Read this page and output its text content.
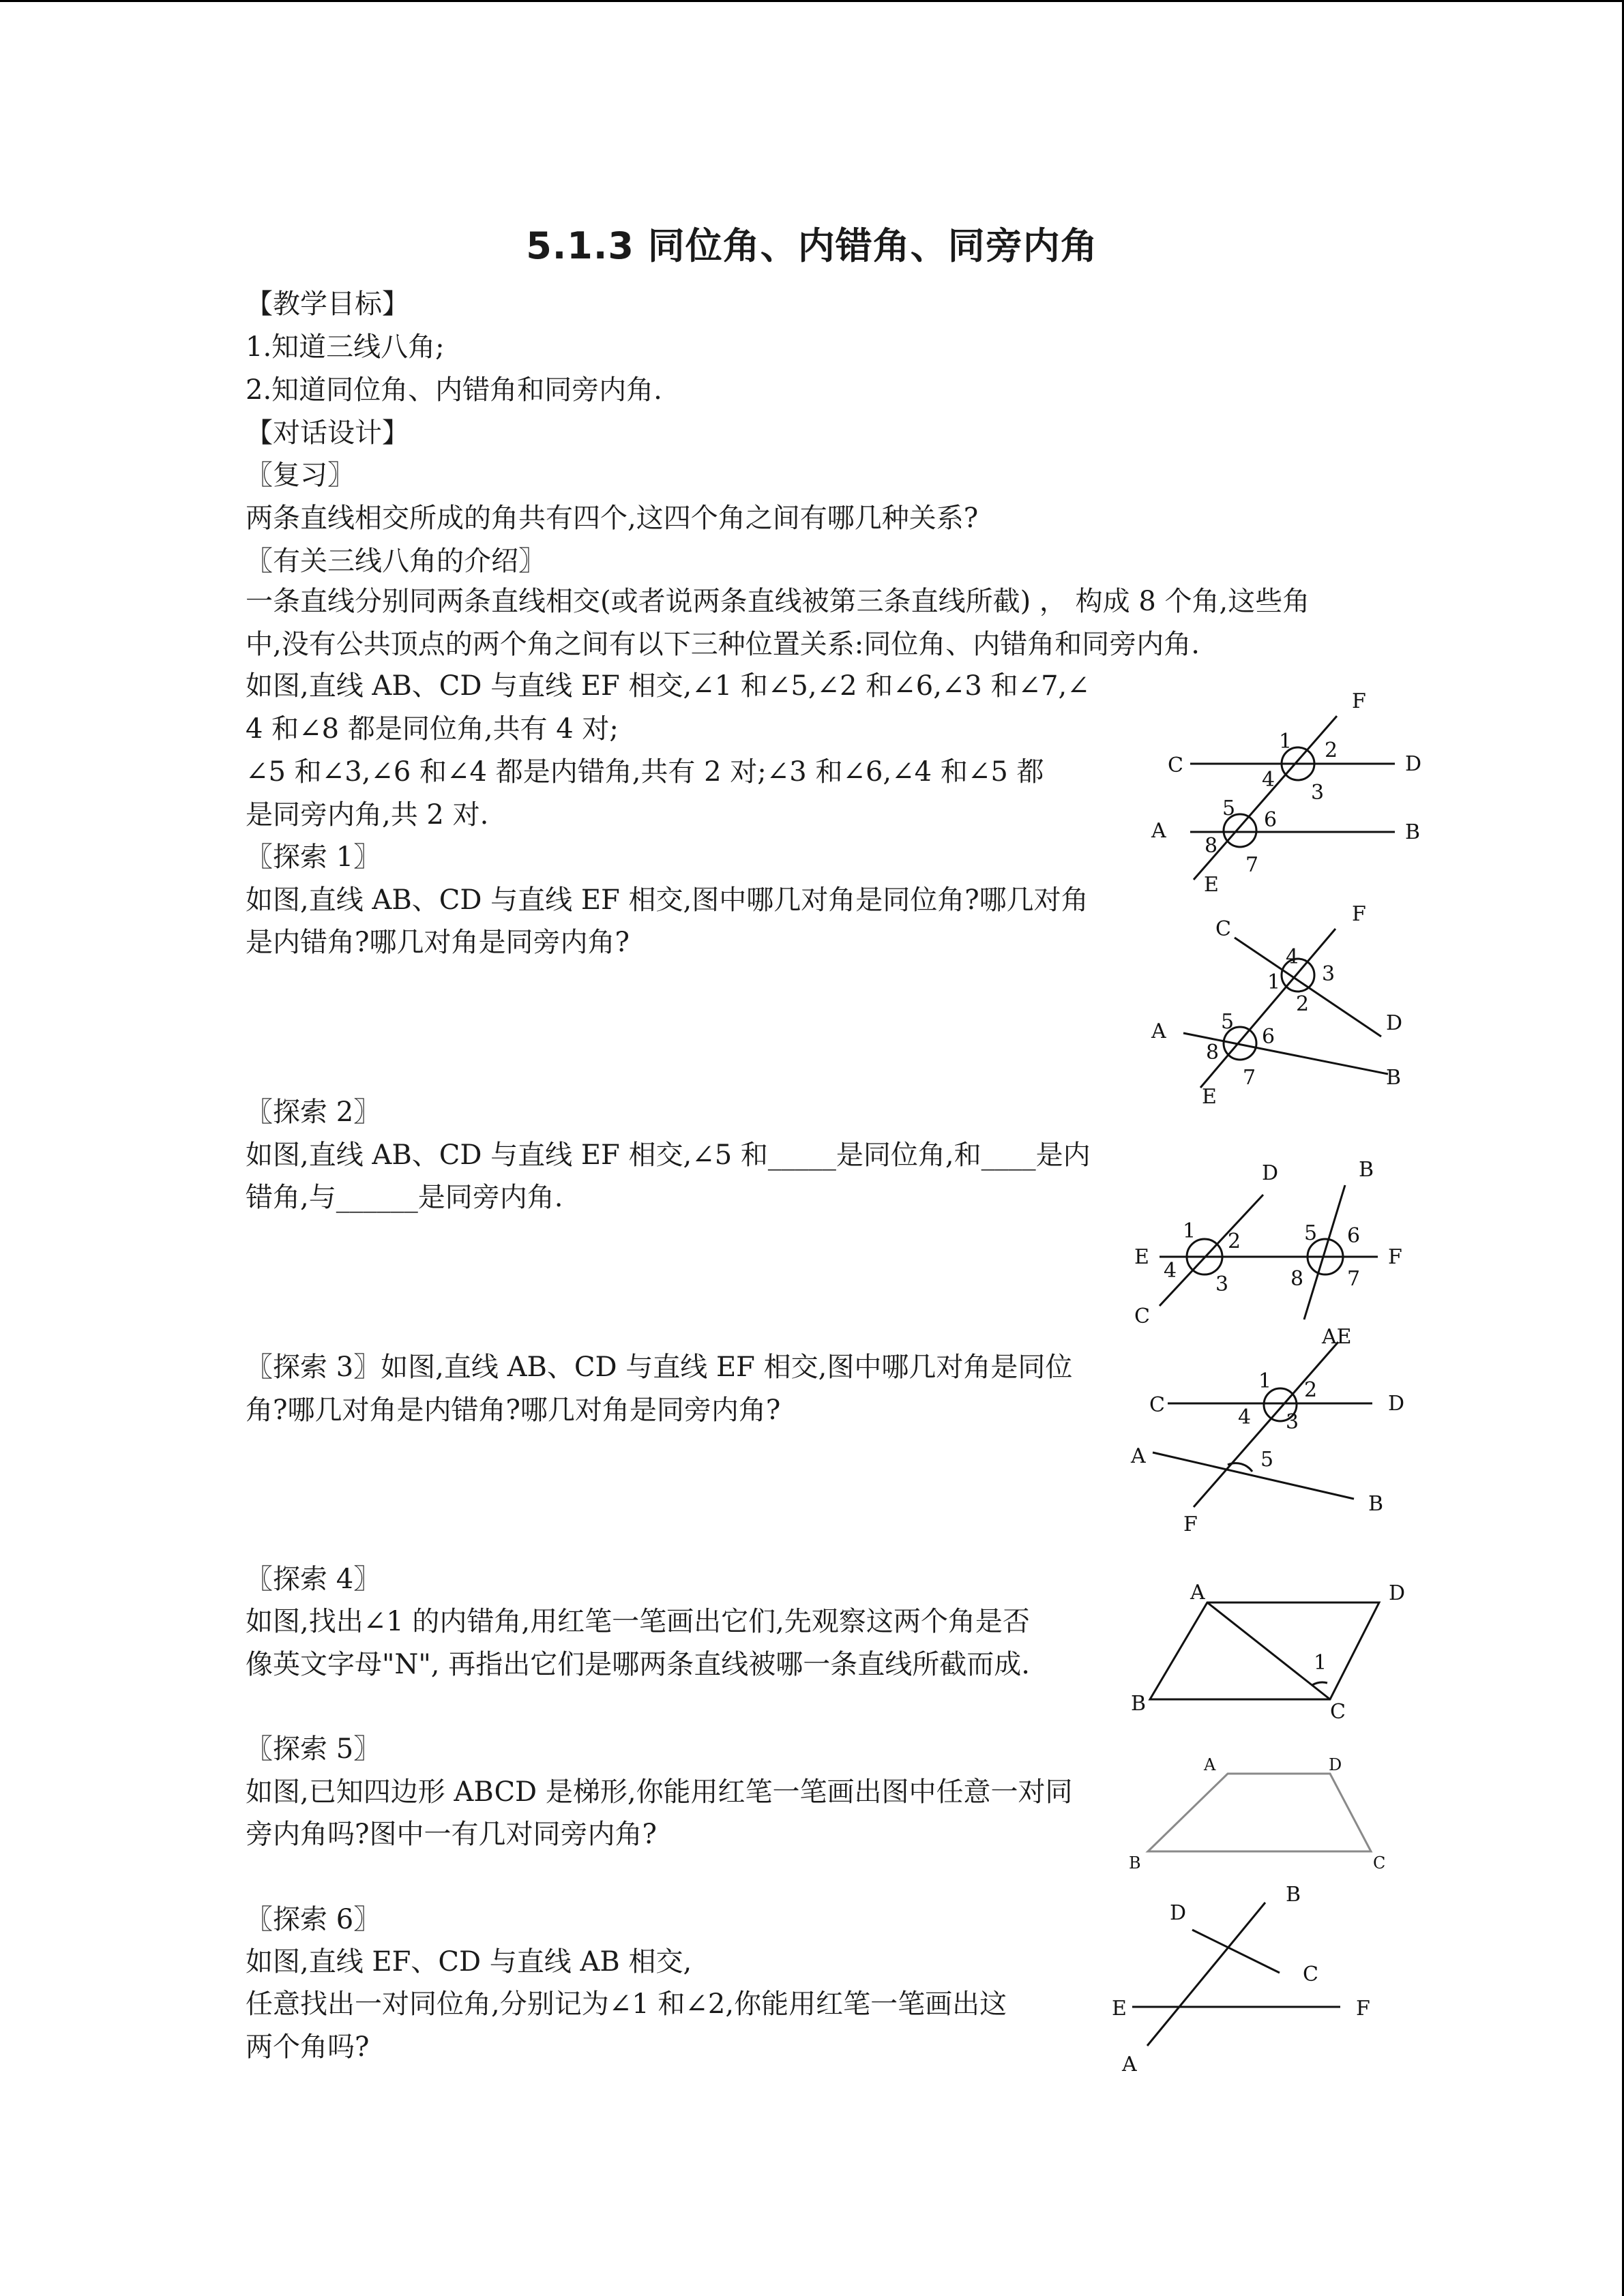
5.1.3 同位角、内错角、同旁内角

【教学目标】

1.知道三线八角;

2.知道同位角、内错角和同旁内角.

【对话设计】

〖复习〗

两条直线相交所成的角共有四个,这四个角之间有哪几种关系?

〖有关三线八角的介绍〗

一条直线分别同两条直线相交(或者说两条直线被第三条直线所截) ， 构成 8 个角,这些角

中,没有公共顶点的两个角之间有以下三种位置关系:同位角、内错角和同旁内角.

如图,直线 AB、CD 与直线 EF 相交,∠1 和∠5,∠2 和∠6,∠3 和∠7,∠

4 和∠8 都是同位角,共有 4 对;

∠5 和∠3,∠6 和∠4 都是内错角,共有 2 对;∠3 和∠6,∠4 和∠5 都

是同旁内角,共 2 对.

〖探索 1〗

如图,直线 AB、CD 与直线 EF 相交,图中哪几对角是同位角?哪几对角

是内错角?哪几对角是同旁内角?

〖探索 2〗

如图,直线 AB、CD 与直线 EF 相交,∠5 和_____是同位角,和____是内

错角,与______是同旁内角.

〖探索 3〗如图,直线 AB、CD 与直线 EF 相交,图中哪几对角是同位

角?哪几对角是内错角?哪几对角是同旁内角?

〖探索 4〗

如图,找出∠1 的内错角,用红笔一笔画出它们,先观察这两个角是否

像英文字母"N", 再指出它们是哪两条直线被哪一条直线所截而成.

〖探索 5〗

如图,已知四边形 ABCD 是梯形,你能用红笔一笔画出图中任意一对同

旁内角吗?图中一有几对同旁内角?

〖探索 6〗

如图,直线 EF、CD 与直线 AB 相交,

任意找出一对同位角,分别记为∠1 和∠2,你能用红笔一笔画出这

两个角吗?

C	D
A	B
F
E
1 2
3
4
5 6
7
8
C
D
A
B
F
E
1
2
3
4
5
6
7
8
D	B
E	F
C
1 2
3
4
5 6
7
8
AE
C	D
A
B
F
1 2
3
4
5
A	D
B	C
1
A	D
B	C
D
B
C
E	F
A
